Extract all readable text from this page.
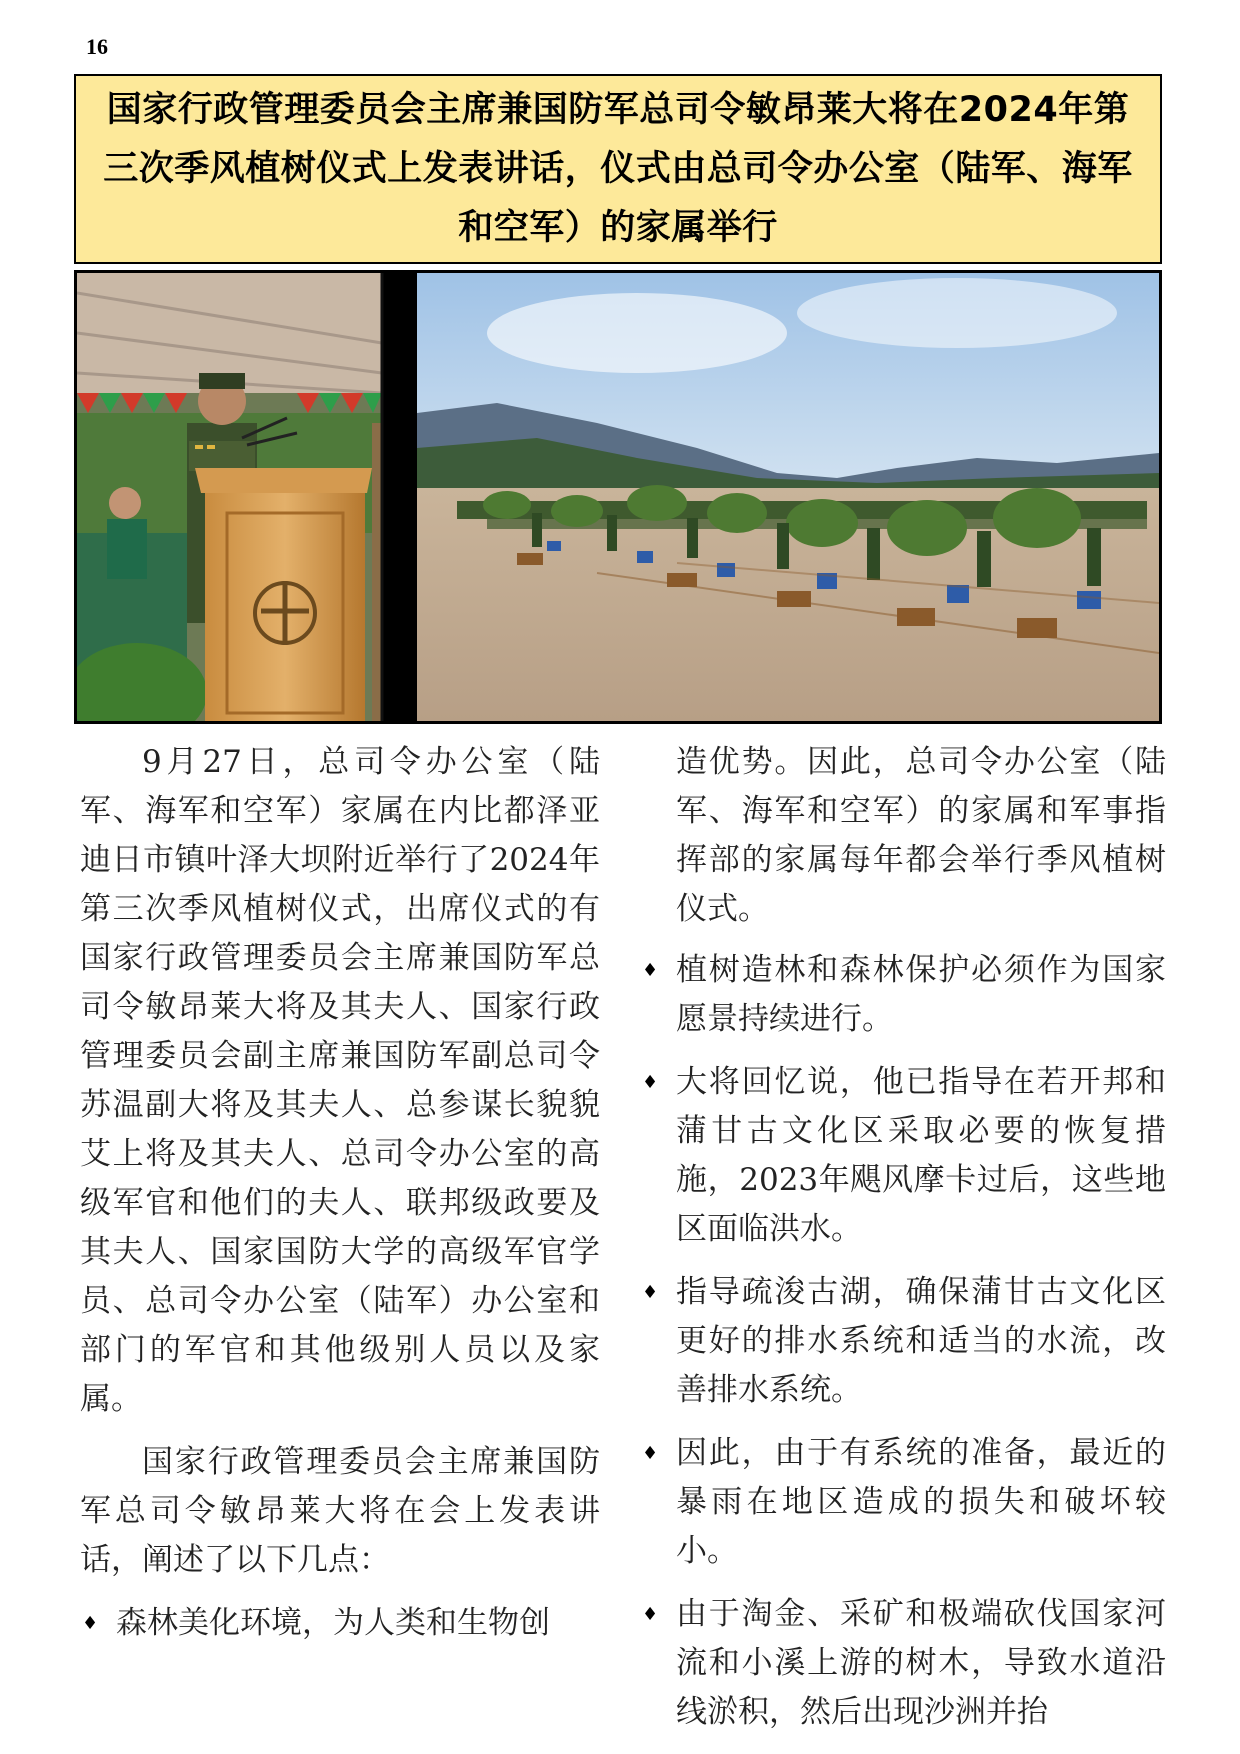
16
国家行政管理委员会主席兼国防军总司令敏昂莱大将在2024年第三次季风植树仪式上发表讲话，仪式由总司令办公室（陆军、海军和空军）的家属举行

9月27日，总司令办公室（陆军、海军和空军）家属在内比都泽亚迪日市镇叶泽大坝附近举行了2024年第三次季风植树仪式，出席仪式的有国家行政管理委员会主席兼国防军总司令敏昂莱大将及其夫人、国家行政管理委员会副主席兼国防军副总司令苏温副大将及其夫人、总参谋长貌貌艾上将及其夫人、总司令办公室的高级军官和他们的夫人、联邦级政要及其夫人、国家国防大学的高级军官学员、总司令办公室（陆军）办公室和部门的军官和其他级别人员以及家属。

国家行政管理委员会主席兼国防军总司令敏昂莱大将在会上发表讲话，阐述了以下几点：

♦ 森林美化环境，为人类和生物创

造优势。因此，总司令办公室（陆军、海军和空军）的家属和军事指挥部的家属每年都会举行季风植树仪式。

♦ 植树造林和森林保护必须作为国家愿景持续进行。
♦ 大将回忆说，他已指导在若开邦和蒲甘古文化区采取必要的恢复措施，2023年飓风摩卡过后，这些地区面临洪水。
♦ 指导疏浚古湖，确保蒲甘古文化区更好的排水系统和适当的水流，改善排水系统。
♦ 因此，由于有系统的准备，最近的暴雨在地区造成的损失和破坏较小。
♦ 由于淘金、采矿和极端砍伐国家河流和小溪上游的树木，导致水道沿线淤积，然后出现沙洲并抬
